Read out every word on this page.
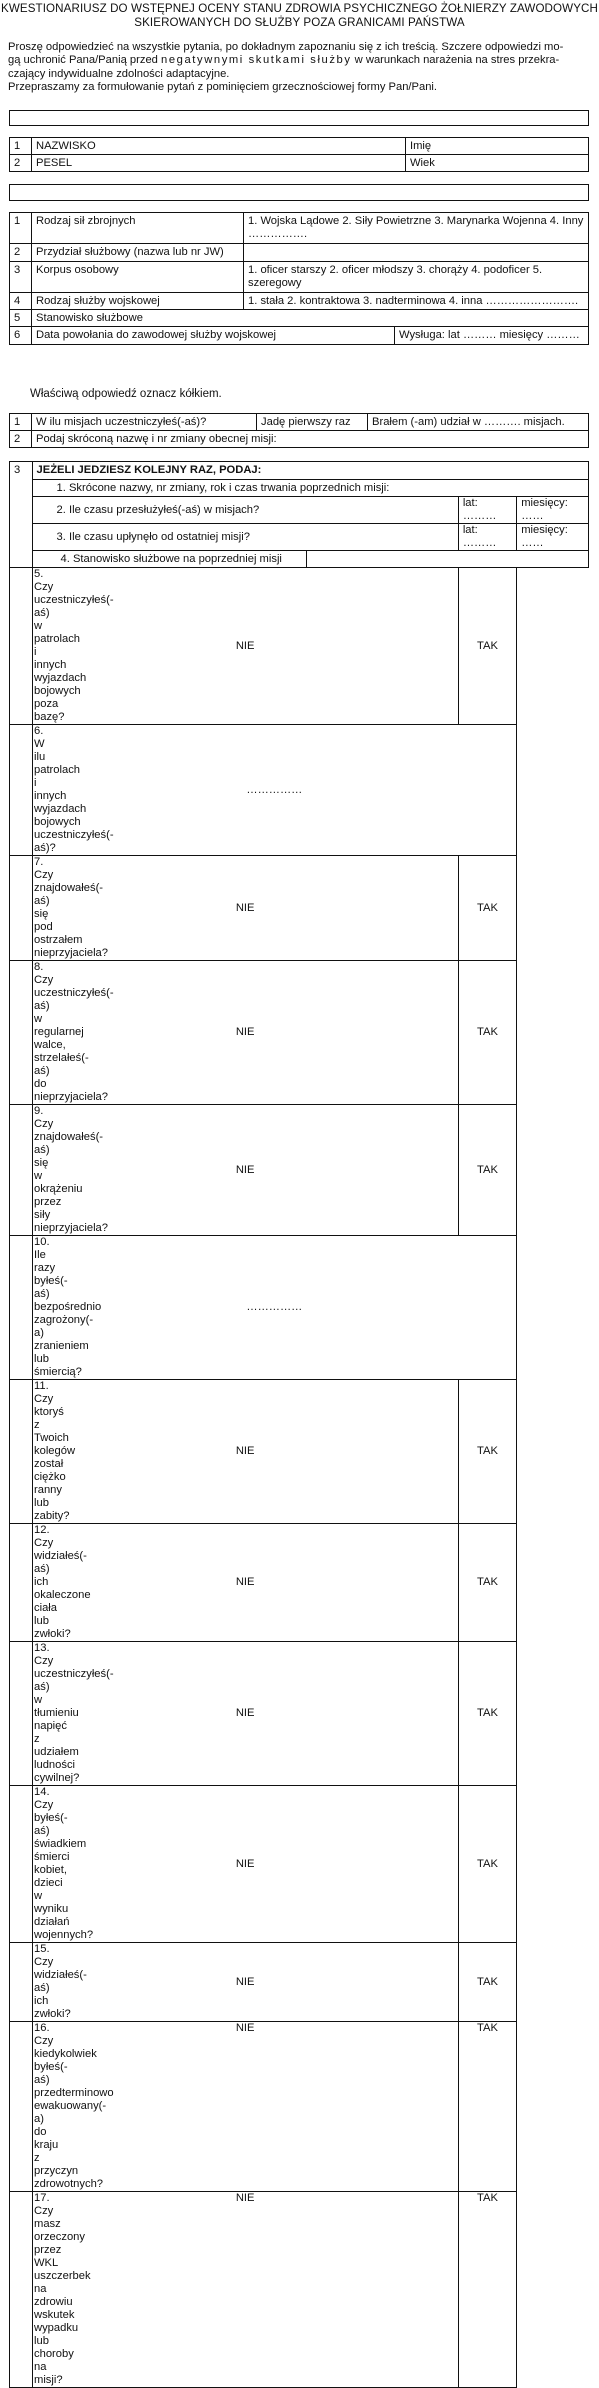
KWESTIONARIUSZ DO WSTĘPNEJ OCENY STANU ZDROWIA PSYCHICZNEGO ŻOŁNIERZY ZAWODOWYCH
SKIEROWANYCH DO SŁUŻBY POZA GRANICAMI PAŃSTWA

Proszę odpowiedzieć na wszystkie pytania, po dokładnym zapoznaniu się z ich treścią. Szczere odpowiedzi mo-

gą uchronić Pana/Panią przed negatywnymi skutkami służby w warunkach narażenia na stres przekra-

czający indywidualne zdolności adaptacyjne.

Przepraszamy za formułowanie pytań z pominięciem grzecznościowej formy Pan/Pani.

1	NAZWISKO	Imię
2	PESEL	Wiek
1	Rodzaj sił zbrojnych	1. Wojska Lądowe 2. Siły Powietrzne 3. Marynarka Wojenna 4. Inny …………….	
2	Przydział służbowy (nazwa lub nr JW)		
3	Korpus osobowy	1. oficer starszy 2. oficer młodszy 3. chorąży 4. podoficer 5. szeregowy	
4	Rodzaj służby wojskowej	1. stała 2. kontraktowa 3. nadterminowa 4. inna …………………….	
5	Stanowisko służbowe		
6	Data powołania do zawodowej służby wojskowej		Wysługa: lat ……… miesięcy ………
Właściwą odpowiedź oznacz kółkiem.
1	W ilu misjach uczestniczyłeś(-aś)?	Jadę pierwszy raz	Brałem (-am) udział w ………. misjach.
2	Podaj skróconą nazwę i nr zmiany obecnej misji:		
3	JEŻELI JEDZIESZ KOLEJNY RAZ, PODAJ:		
	1. Skrócone nazwy, nr zmiany, rok i czas trwania poprzednich misji:		
	2. Ile czasu przesłużyłeś(-aś) w misjach?	lat: ………	miesięcy: ……
	3. Ile czasu upłynęło od ostatniej misji?	lat: ………	miesięcy: ……

	4. Stanowisko służbowe na poprzedniej misji		

5. Czy uczestniczyłeś(-aś) w patrolach i innych wyjazdach bojowych poza bazę?	NIE	TAK	
6. W ilu patrolach i innych wyjazdach bojowych uczestniczyłeś(-aś)?	……………		
7. Czy znajdowałeś(-aś) się pod ostrzałem nieprzyjaciela?	NIE	TAK	
8. Czy uczestniczyłeś(-aś) w regularnej walce, strzelałeś(-aś) do nieprzyjaciela?	NIE	TAK	
9. Czy znajdowałeś(-aś) się w okrążeniu przez siły nieprzyjaciela?	NIE	TAK	
10. Ile razy byłeś(-aś) bezpośrednio zagrożony(-a) zranieniem lub śmiercią?	……………		
11. Czy ktoryś z Twoich kolegów został ciężko ranny lub zabity?	NIE	TAK	
12. Czy widziałeś(-aś) ich okaleczone ciała lub zwłoki?	NIE	TAK	
13. Czy uczestniczyłeś(-aś) w tłumieniu napięć z udziałem ludności cywilnej?	NIE	TAK	
14. Czy byłeś(-aś) świadkiem śmierci kobiet, dzieci w wyniku działań wojennych?	NIE	TAK	
15. Czy widziałeś(-aś) ich zwłoki?	NIE	TAK	
16. Czy kiedykolwiek byłeś(-aś) przedterminowo ewakuowany(-a) do kraju z przyczyn zdrowotnych?	NIE	TAK	
17. Czy masz orzeczony przez WKL uszczerbek na zdrowiu wskutek wypadku lub choroby na misji?	NIE	TAK	
